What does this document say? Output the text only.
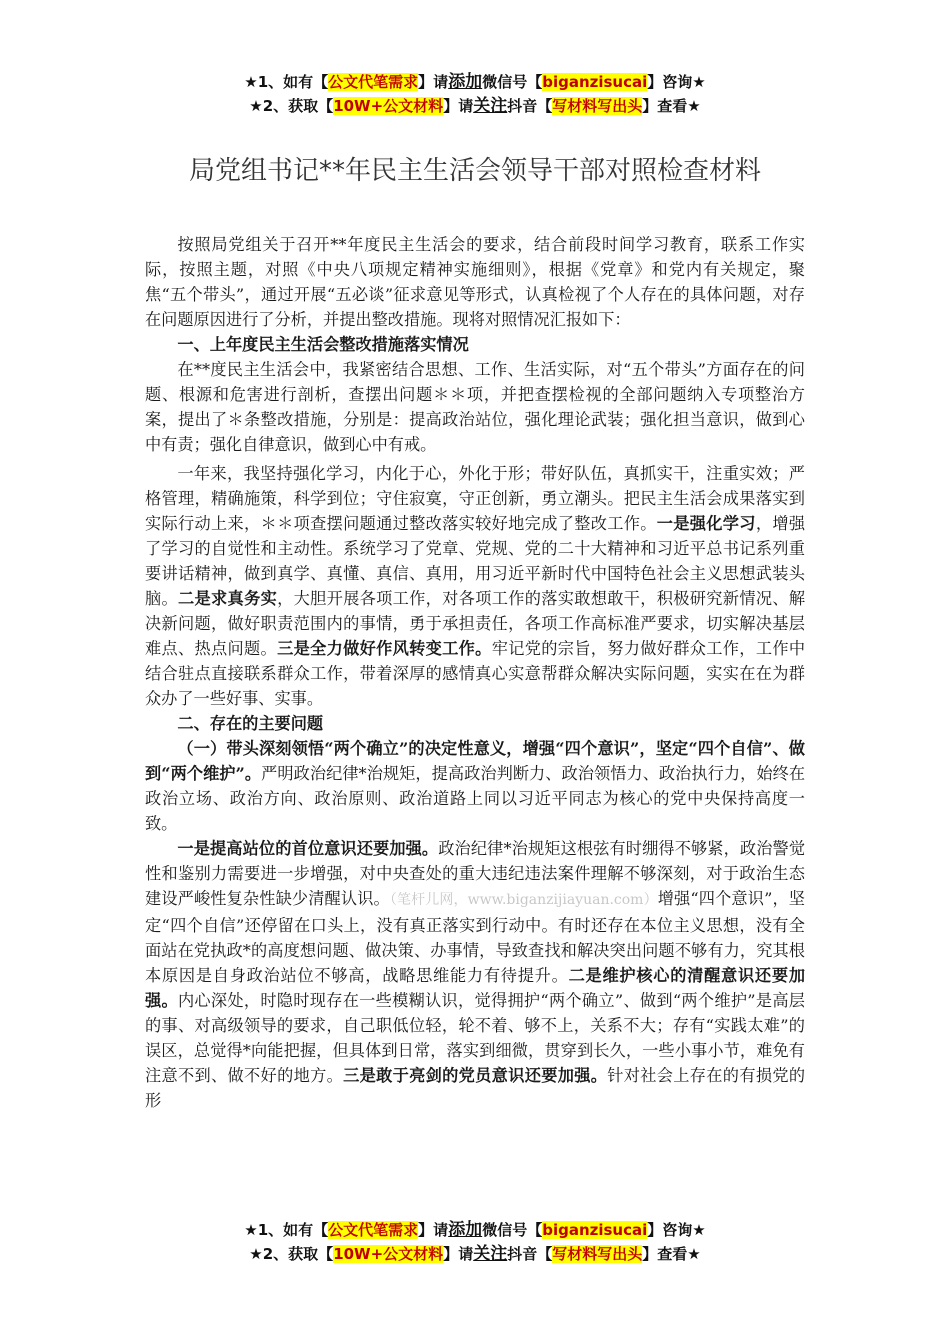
★1、如有【公文代笔需求】请添加微信号【biganzisucai】咨询★
★2、获取【10W+公文材料】请关注抖音【写材料写出头】查看★
局党组书记**年民主生活会领导干部对照检查材料

按照局党组关于召开**年度民主生活会的要求，结合前段时间学习教育，联系工作实际，按照主题，对照《中央八项规定精神实施细则》，根据《党章》和党内有关规定，聚焦“五个带头”，通过开展“五必谈”征求意见等形式，认真检视了个人存在的具体问题，对存在问题原因进行了分析，并提出整改措施。现将对照情况汇报如下：

一、上年度民主生活会整改措施落实情况

在**度民主生活会中，我紧密结合思想、工作、生活实际，对“五个带头”方面存在的问题、根源和危害进行剖析，查摆出问题＊＊项，并把查摆检视的全部问题纳入专项整治方案，提出了＊条整改措施，分别是：提高政治站位，强化理论武装；强化担当意识，做到心中有责；强化自律意识，做到心中有戒。

一年来，我坚持强化学习，内化于心，外化于形；带好队伍，真抓实干，注重实效；严格管理，精确施策，科学到位；守住寂寞，守正创新，勇立潮头。把民主生活会成果落实到实际行动上来，＊＊项查摆问题通过整改落实较好地完成了整改工作。一是强化学习，增强了学习的自觉性和主动性。系统学习了党章、党规、党的二十大精神和习近平总书记系列重要讲话精神，做到真学、真懂、真信、真用，用习近平新时代中国特色社会主义思想武装头脑。二是求真务实，大胆开展各项工作，对各项工作的落实敢想敢干，积极研究新情况、解决新问题，做好职责范围内的事情，勇于承担责任，各项工作高标准严要求，切实解决基层难点、热点问题。三是全力做好作风转变工作。牢记党的宗旨，努力做好群众工作，工作中结合驻点直接联系群众工作，带着深厚的感情真心实意帮群众解决实际问题，实实在在为群众办了一些好事、实事。

二、存在的主要问题

（一）带头深刻领悟“两个确立”的决定性意义，增强“四个意识”，坚定“四个自信”、做到“两个维护”。严明政治纪律*治规矩，提高政治判断力、政治领悟力、政治执行力，始终在政治立场、政治方向、政治原则、政治道路上同以习近平同志为核心的党中央保持高度一致。

一是提高站位的首位意识还要加强。政治纪律*治规矩这根弦有时绷得不够紧，政治警觉性和鉴别力需要进一步增强，对中央查处的重大违纪违法案件理解不够深刻，对于政治生态建设严峻性复杂性缺少清醒认识。（笔杆儿网，www.biganzijiayuan.com）增强“四个意识”，坚定“四个自信”还停留在口头上，没有真正落实到行动中。有时还存在本位主义思想，没有全面站在党执政*的高度想问题、做决策、办事情，导致查找和解决突出问题不够有力，究其根本原因是自身政治站位不够高，战略思维能力有待提升。二是维护核心的清醒意识还要加强。内心深处，时隐时现存在一些模糊认识，觉得拥护“两个确立”、做到“两个维护”是高层的事、对高级领导的要求，自己职低位轻，轮不着、够不上，关系不大；存有“实践太难”的误区，总觉得*向能把握，但具体到日常，落实到细微，贯穿到长久，一些小事小节，难免有注意不到、做不好的地方。三是敢于亮剑的党员意识还要加强。针对社会上存在的有损党的形

★1、如有【公文代笔需求】请添加微信号【biganzisucai】咨询★
★2、获取【10W+公文材料】请关注抖音【写材料写出头】查看★
